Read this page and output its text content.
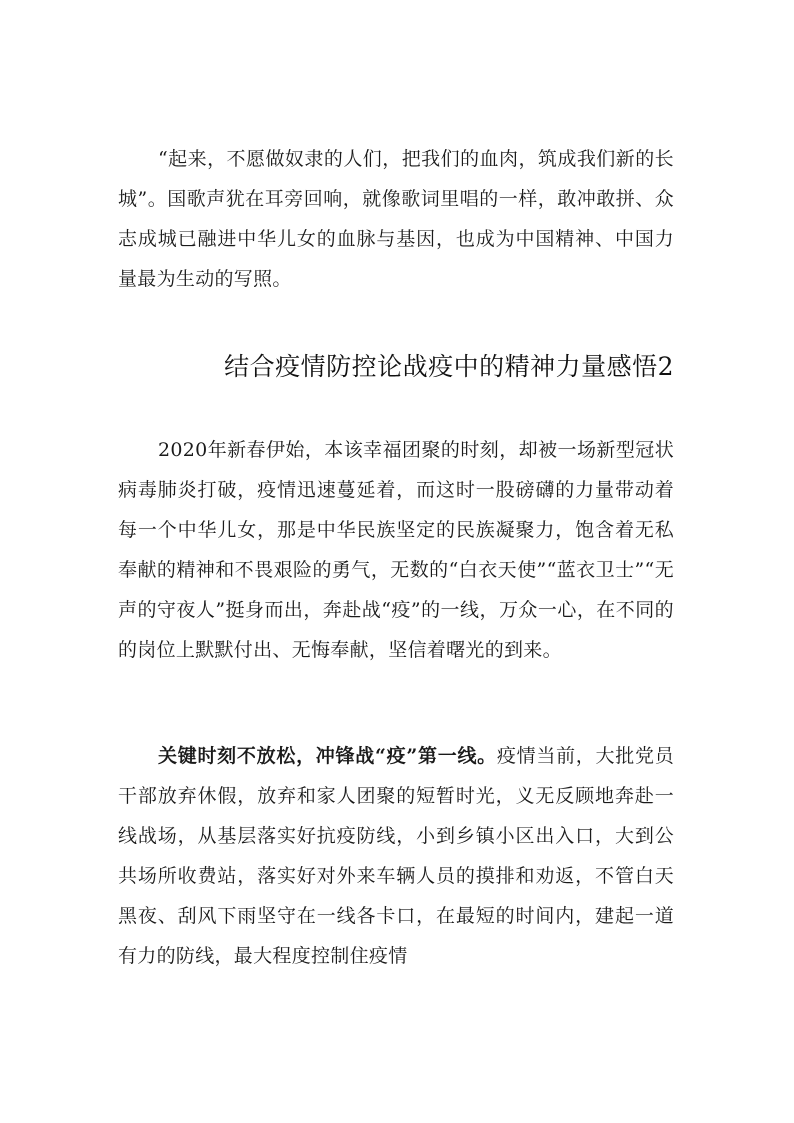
“起来，不愿做奴隶的人们，把我们的血肉，筑成我们新的长城”。国歌声犹在耳旁回响，就像歌词里唱的一样，敢冲敢拼、众志成城已融进中华儿女的血脉与基因，也成为中国精神、中国力量最为生动的写照。

结合疫情防控论战疫中的精神力量感悟2

2020年新春伊始，本该幸福团聚的时刻，却被一场新型冠状病毒肺炎打破，疫情迅速蔓延着，而这时一股磅礴的力量带动着每一个中华儿女，那是中华民族坚定的民族凝聚力，饱含着无私奉献的精神和不畏艰险的勇气，无数的“白衣天使”“蓝衣卫士”“无声的守夜人”挺身而出，奔赴战“疫”的一线，万众一心，在不同的的岗位上默默付出、无悔奉献，坚信着曙光的到来。

关键时刻不放松，冲锋战“疫”第一线。疫情当前，大批党员干部放弃休假，放弃和家人团聚的短暂时光，义无反顾地奔赴一线战场，从基层落实好抗疫防线，小到乡镇小区出入口，大到公共场所收费站，落实好对外来车辆人员的摸排和劝返，不管白天黑夜、刮风下雨坚守在一线各卡口，在最短的时间内，建起一道有力的防线，最大程度控制住疫情
